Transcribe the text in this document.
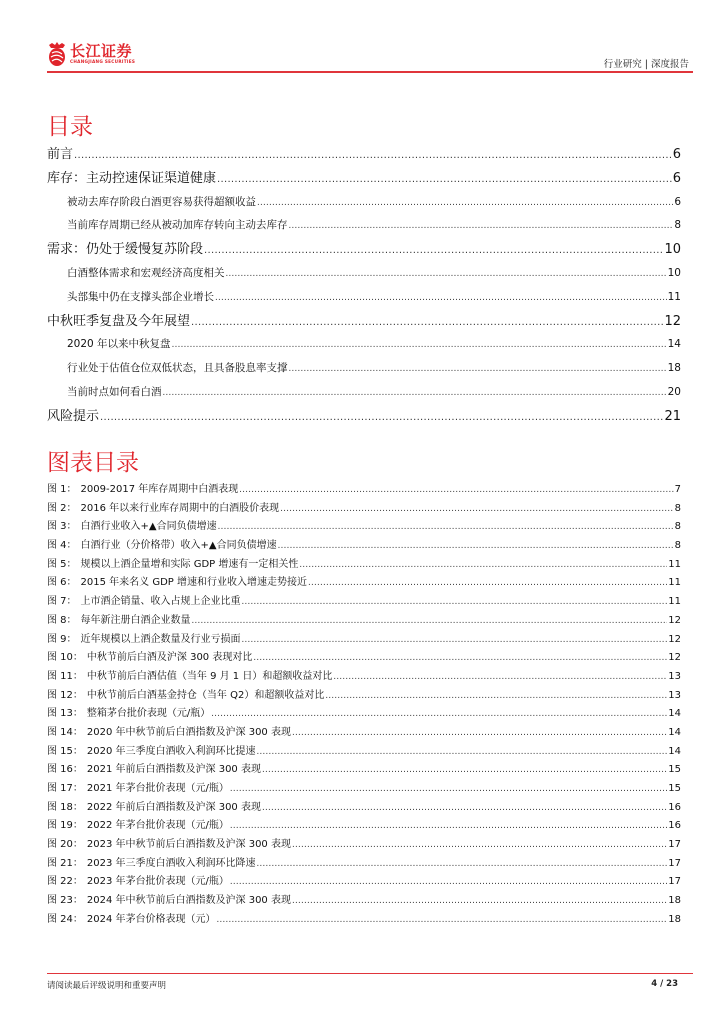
长江证券
CHANGJIANG SECURITIES	行业研究 | 深度报告
目录
前言 .....	6
库存：主动控速保证渠道健康 .....	6
被动去库存阶段白酒更容易获得超额收益 .....	6
当前库存周期已经从被动加库存转向主动去库存 .....	8
需求：仍处于缓慢复苏阶段 .....	10
白酒整体需求和宏观经济高度相关 .....	10
头部集中仍在支撑头部企业增长 .....	11
中秋旺季复盘及今年展望 .....	12
2020 年以来中秋复盘 .....	14
行业处于估值仓位双低状态，且具备股息率支撑 .....	18
当前时点如何看白酒 .....	20
风险提示 .....	21
图表目录
图 1： 2009-2017 年库存周期中白酒表现 .....	7
图 2： 2016 年以来行业库存周期中的白酒股价表现 .....	8
图 3： 白酒行业收入+▲合同负债增速 .....	8
图 4： 白酒行业（分价格带）收入+▲合同负债增速 .....	8
图 5： 规模以上酒企量增和实际 GDP 增速有一定相关性 .....	11
图 6： 2015 年来名义 GDP 增速和行业收入增速走势接近 .....	11
图 7： 上市酒企销量、收入占规上企业比重 .....	11
图 8： 每年新注册白酒企业数量 .....	12
图 9： 近年规模以上酒企数量及行业亏损面 .....	12
图 10： 中秋节前后白酒及沪深 300 表现对比 .....	12
图 11： 中秋节前后白酒估值（当年 9 月 1 日）和超额收益对比 .....	13
图 12： 中秋节前后白酒基金持仓（当年 Q2）和超额收益对比 .....	13
图 13： 整箱茅台批价表现（元/瓶） .....	14
图 14： 2020 年中秋节前后白酒指数及沪深 300 表现 .....	14
图 15： 2020 年三季度白酒收入利润环比提速 .....	14
图 16： 2021 年前后白酒指数及沪深 300 表现 .....	15
图 17： 2021 年茅台批价表现（元/瓶） .....	15
图 18： 2022 年前后白酒指数及沪深 300 表现 .....	16
图 19： 2022 年茅台批价表现（元/瓶） .....	16
图 20： 2023 年中秋节前后白酒指数及沪深 300 表现 .....	17
图 21： 2023 年三季度白酒收入利润环比降速 .....	17
图 22： 2023 年茅台批价表现（元/瓶） .....	17
图 23： 2024 年中秋节前后白酒指数及沪深 300 表现 .....	18
图 24： 2024 年茅台价格表现（元） .....	18
请阅读最后评级说明和重要声明	4 / 23
